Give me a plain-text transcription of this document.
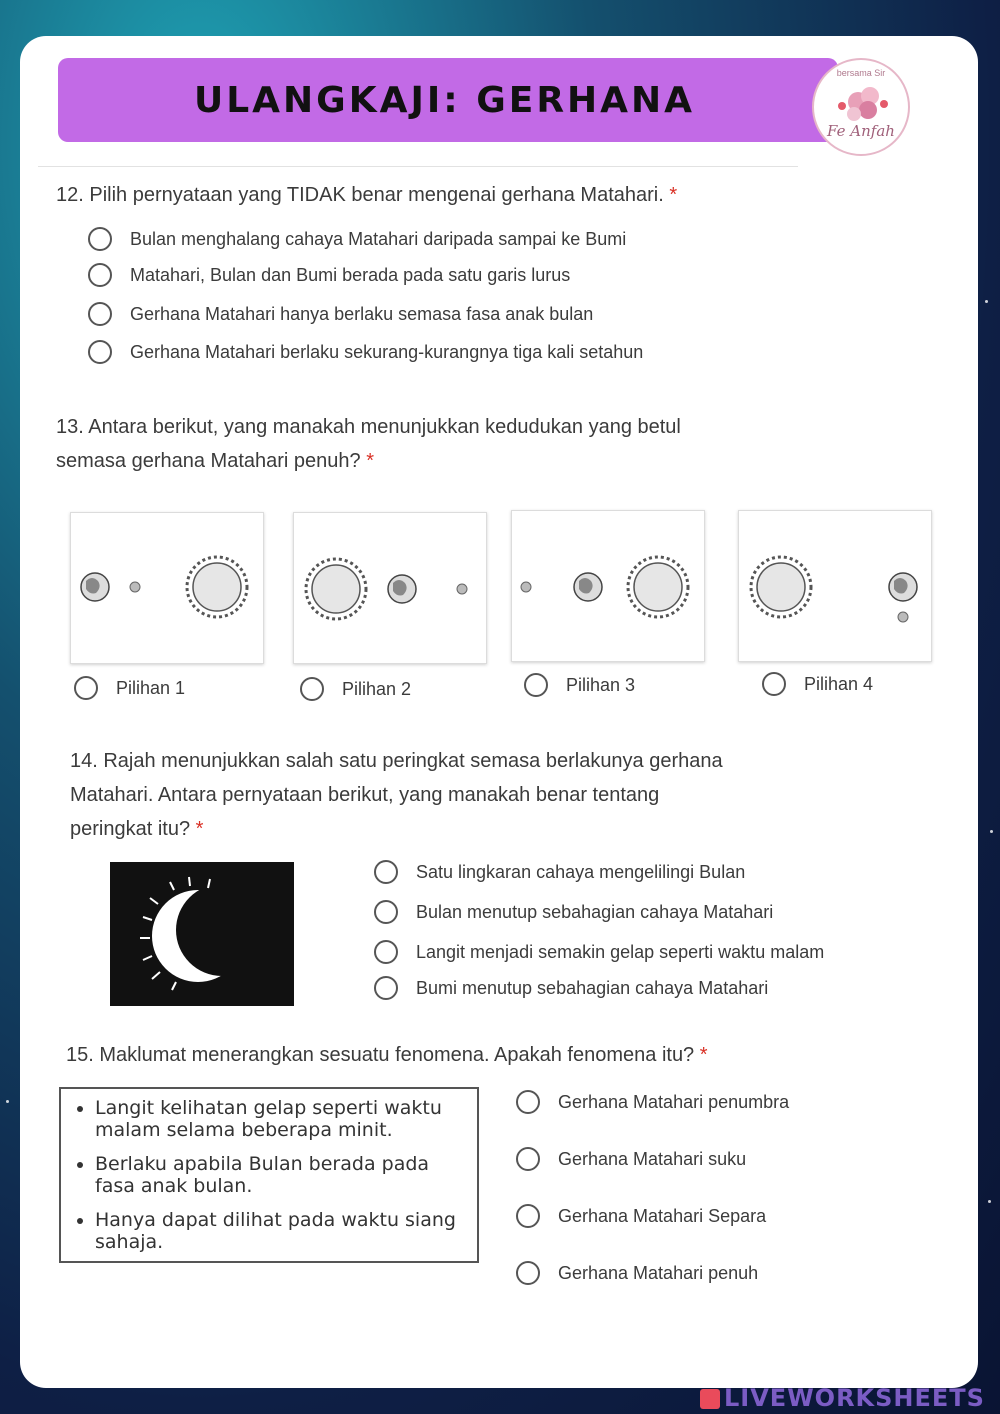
ULANGKAJI: GERHANA
bersama Sir
Fe Anfah
12. Pilih pernyataan yang TIDAK benar mengenai gerhana Matahari. *
Bulan menghalang cahaya Matahari daripada sampai ke Bumi
Matahari, Bulan dan Bumi berada pada satu garis lurus
Gerhana Matahari hanya berlaku semasa fasa anak bulan
Gerhana Matahari berlaku sekurang-kurangnya tiga kali setahun
13. Antara berikut, yang manakah menunjukkan kedudukan yang betul
semasa gerhana Matahari penuh? *
Pilihan 1	Pilihan 2	Pilihan 3	Pilihan 4
14. Rajah menunjukkan salah satu peringkat semasa berlakunya gerhana
Matahari. Antara pernyataan berikut, yang manakah benar tentang
peringkat itu? *
Satu lingkaran cahaya mengelilingi Bulan
Bulan menutup sebahagian cahaya Matahari
Langit menjadi semakin gelap seperti waktu malam
Bumi menutup sebahagian cahaya Matahari
15. Maklumat menerangkan sesuatu fenomena. Apakah fenomena itu? *
• Langit kelihatan gelap seperti waktu malam selama beberapa minit.
• Berlaku apabila Bulan berada pada fasa anak bulan.
• Hanya dapat dilihat pada waktu siang sahaja.
Gerhana Matahari penumbra
Gerhana Matahari suku
Gerhana Matahari Separa
Gerhana Matahari penuh
LIVEWORKSHEETS
